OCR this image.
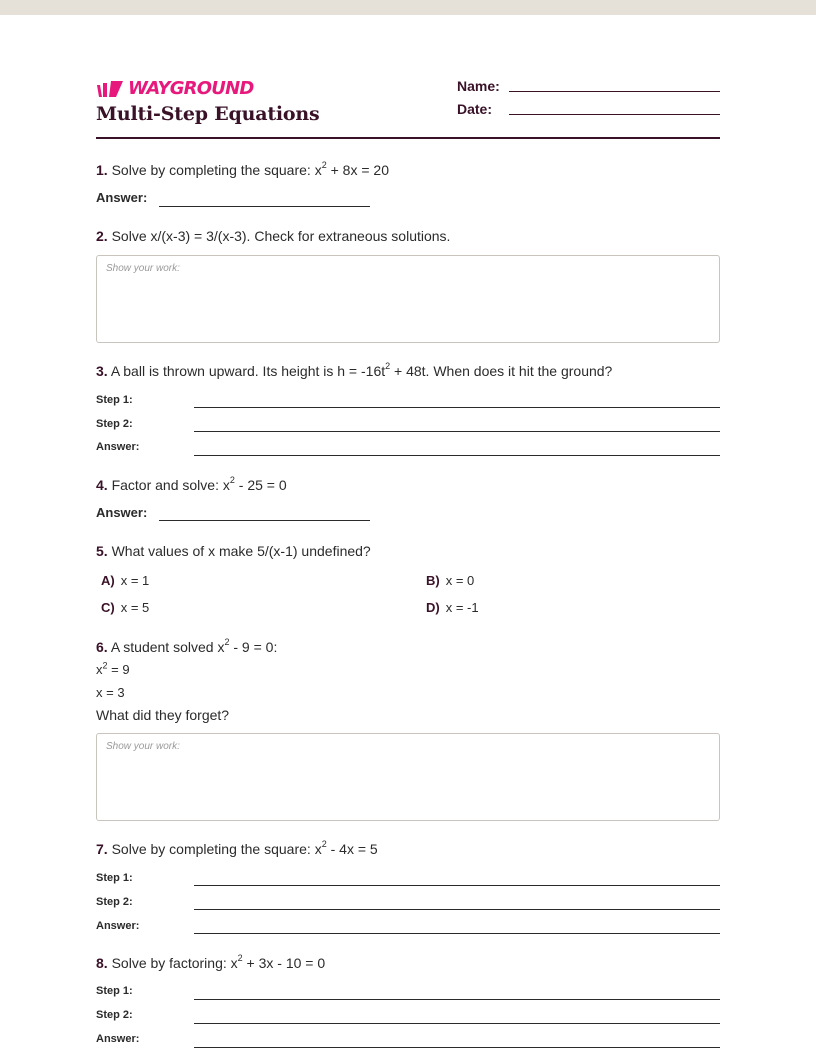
WAYGROUND
Multi-Step Equations
Name:
Date:
1. Solve by completing the square: $x^2 + 8x = 20$
Answer:
2. Solve x/(x-3) = 3/(x-3). Check for extraneous solutions.
Show your work:
3. A ball is thrown upward. Its height is $h = -16t^2 + 48t$. When does it hit the ground?
Step 1:
Step 2:
Answer:
4. Factor and solve: $x^2 - 25 = 0$
Answer:
5. What values of x make 5/(x-1) undefined?
A) x = 1	B) x = 0
C) x = 5	D) x = -1
6. A student solved $x^2 - 9 = 0$:
$x^2 = 9$
x = 3
What did they forget?
Show your work:
7. Solve by completing the square: $x^2 - 4x = 5$
Step 1:
Step 2:
Answer:
8. Solve by factoring: $x^2 + 3x - 10 = 0$
Step 1:
Step 2:
Answer:
